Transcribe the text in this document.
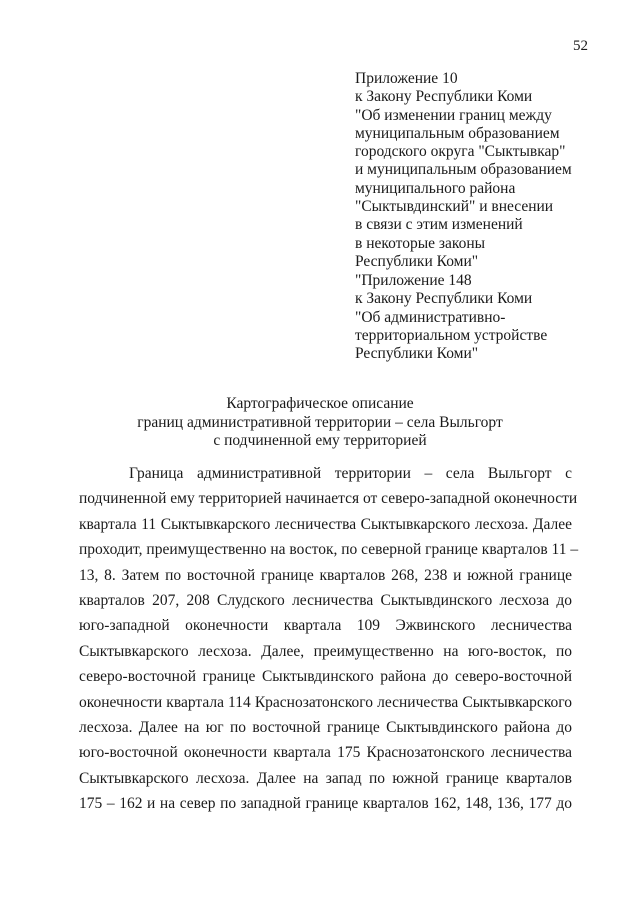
52
Приложение 10
к Закону Республики Коми
"Об изменении границ между
муниципальным образованием
городского округа "Сыктывкар"
и муниципальным образованием
муниципального района
"Сыктывдинский" и внесении
в связи с этим изменений
в некоторые законы
Республики Коми"
"Приложение 148
к Закону Республики Коми
"Об административно-
территориальном устройстве
Республики Коми"
Картографическое описание
границ административной территории – села Выльгорт
с подчиненной ему территорией
Граница административной территории – села Выльгорт с
подчиненной ему территорией начинается от северо-западной оконечности
квартала 11 Сыктывкарского лесничества Сыктывкарского лесхоза. Далее
проходит, преимущественно на восток, по северной границе кварталов 11 –
13, 8. Затем по восточной границе кварталов 268, 238 и южной границе
кварталов 207, 208 Слудского лесничества Сыктывдинского лесхоза до
юго-западной оконечности квартала 109 Эжвинского лесничества
Сыктывкарского лесхоза. Далее, преимущественно на юго-восток, по
северо-восточной границе Сыктывдинского района до северо-восточной
оконечности квартала 114 Краснозатонского лесничества Сыктывкарского
лесхоза. Далее на юг по восточной границе Сыктывдинского района до
юго-восточной оконечности квартала 175 Краснозатонского лесничества
Сыктывкарского лесхоза. Далее на запад по южной границе кварталов
175 – 162 и на север по западной границе кварталов 162, 148, 136, 177 до
